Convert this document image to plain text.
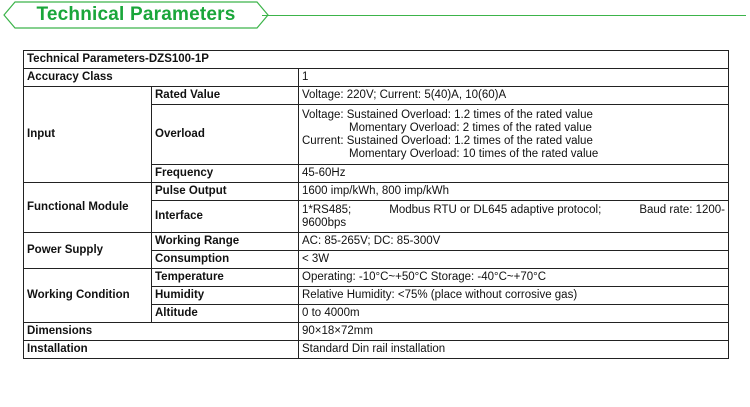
Technical Parameters
Technical Parameters-DZS100-1P		
Accuracy Class		1
Input	Rated Value	Voltage: 220V; Current: 5(40)A, 10(60)A
	Overload	Voltage: Sustained Overload: 1.2 times of the rated value
Momentary Overload: 2 times of the rated value
Current: Sustained Overload: 1.2 times of the rated value
Momentary Overload: 10 times of the rated value

	Frequency	45-60Hz
Functional Module	Pulse Output	1600 imp/kWh, 800 imp/kWh
	Interface	1*RS485; Modbus RTU or DL645 adaptive protocol; Baud rate: 1200-
9600bps

Power Supply	Working Range	AC: 85-265V; DC: 85-300V
	Consumption	< 3W
Working Condition	Temperature	Operating: -10°C~+50°C Storage: -40°C~+70°C
	Humidity	Relative Humidity: <75% (place without corrosive gas)
	Altitude	0 to 4000m
Dimensions		90×18×72mm
Installation		Standard Din rail installation
